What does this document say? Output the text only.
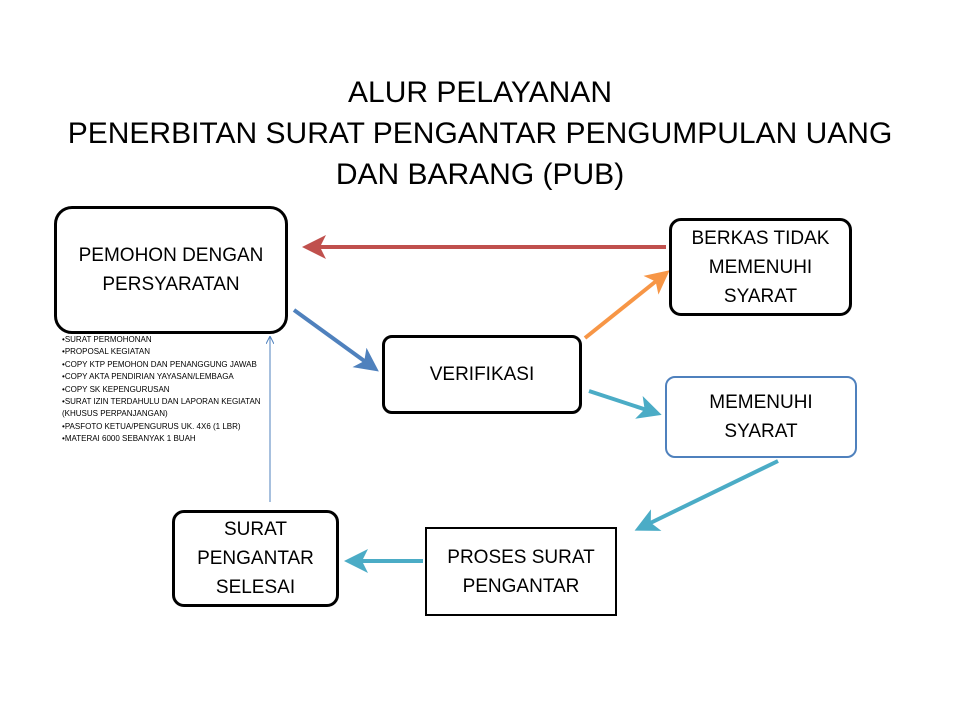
ALUR PELAYANAN
PENERBITAN SURAT PENGANTAR PENGUMPULAN UANG
DAN BARANG (PUB)
PEMOHON DENGAN
PERSYARATAN
• SURAT PERMOHONAN
• PROPOSAL KEGIATAN
• COPY KTP PEMOHON DAN PENANGGUNG JAWAB
• COPY AKTA PENDIRIAN YAYASAN/LEMBAGA
• COPY SK KEPENGURUSAN
• SURAT IZIN TERDAHULU DAN LAPORAN KEGIATAN (KHUSUS PERPANJANGAN)
• PASFOTO KETUA/PENGURUS UK. 4X6 (1 LBR)
• MATERAI 6000 SEBANYAK 1 BUAH
VERIFIKASI
BERKAS TIDAK
MEMENUHI
SYARAT
MEMENUHI
SYARAT
PROSES SURAT
PENGANTAR
SURAT
PENGANTAR
SELESAI
